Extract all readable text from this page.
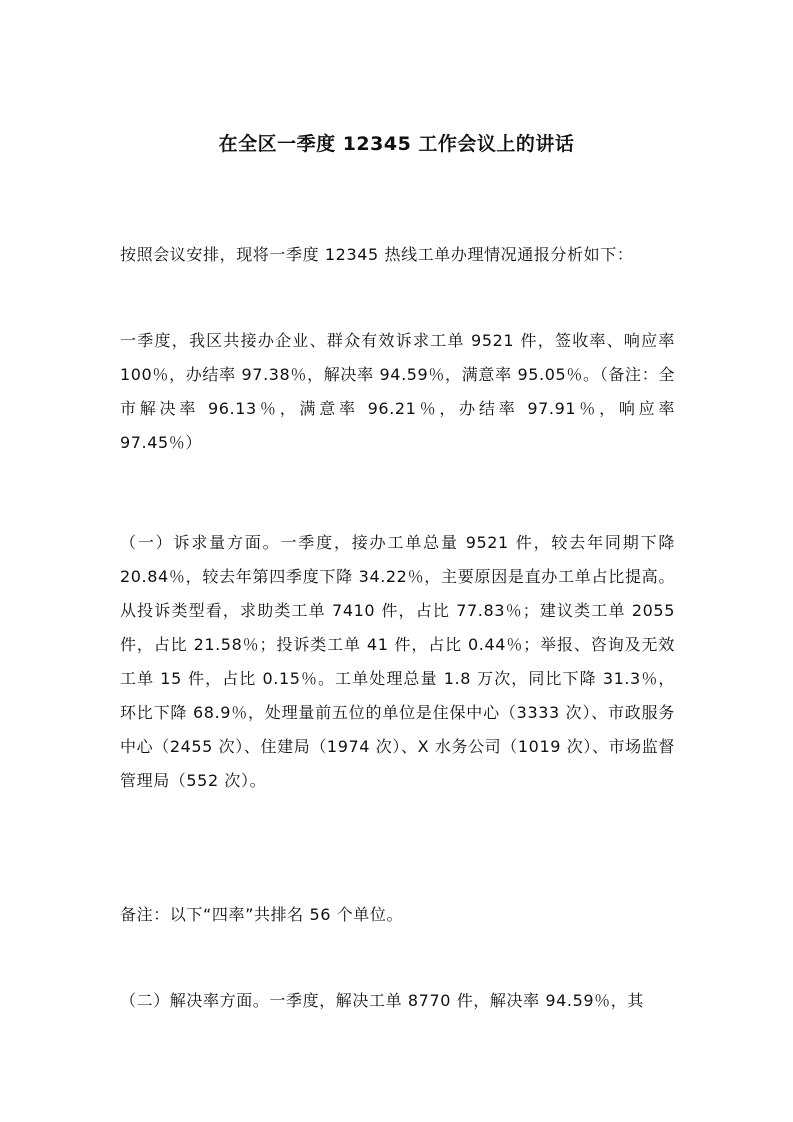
在全区一季度 12345 工作会议上的讲话

按照会议安排，现将一季度 12345 热线工单办理情况通报分析如下：

一季度，我区共接办企业、群众有效诉求工单 9521 件，签收率、响应率 100％，办结率 97.38％，解决率 94.59％，满意率 95.05％。（备注：全市解决率 96.13％，满意率 96.21％，办结率 97.91％，响应率 97.45％）

（一）诉求量方面。一季度，接办工单总量 9521 件，较去年同期下降 20.84％，较去年第四季度下降 34.22％，主要原因是直办工单占比提高。从投诉类型看，求助类工单 7410 件，占比 77.83％；建议类工单 2055 件，占比 21.58％；投诉类工单 41 件，占比 0.44％；举报、咨询及无效工单 15 件，占比 0.15％。工单处理总量 1.8 万次，同比下降 31.3％，环比下降 68.9％，处理量前五位的单位是住保中心（3333 次）、市政服务中心（2455 次）、住建局（1974 次）、X 水务公司（1019 次）、市场监督管理局（552 次）。

备注：以下“四率”共排名 56 个单位。

（二）解决率方面。一季度，解决工单 8770 件，解决率 94.59％，其
